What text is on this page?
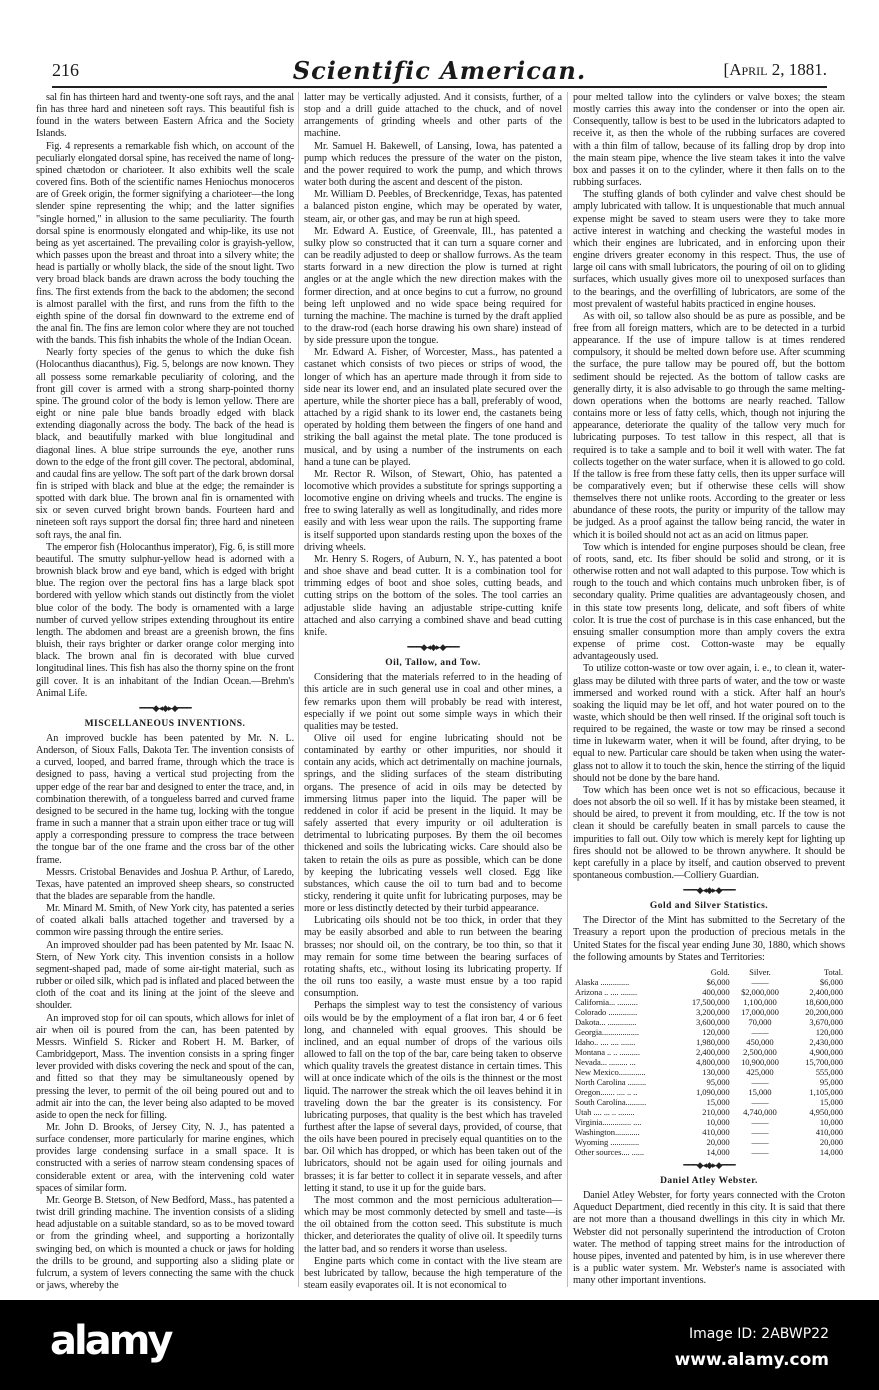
216	Scientific American.	[April 2, 1881.

sal fin has thirteen hard and twenty-one soft rays, and the anal fin has three hard and nineteen soft rays. This beautiful fish is found in the waters between Eastern Africa and the Society Islands.

Fig. 4 represents a remarkable fish which, on account of the peculiarly elongated dorsal spine, has received the name of long-spined chætodon or charioteer. It also exhibits well the scale covered fins. Both of the scientific names Heniochus monoceros are of Greek origin, the former signifying a charioteer—the long slender spine representing the whip; and the latter signifies "single horned," in allusion to the same peculiarity. The fourth dorsal spine is enormously elongated and whip-like, its use not being as yet ascertained. The prevailing color is grayish-yellow, which passes upon the breast and throat into a silvery white; the head is partially or wholly black, the side of the snout light. Two very broad black bands are drawn across the body touching the fins. The first extends from the back to the abdomen; the second is almost parallel with the first, and runs from the fifth to the eighth spine of the dorsal fin downward to the extreme end of the anal fin. The fins are lemon color where they are not touched with the bands. This fish inhabits the whole of the Indian Ocean.

Nearly forty species of the genus to which the duke fish (Holocanthus diacanthus), Fig. 5, belongs are now known. They all possess some remarkable peculiarity of coloring, and the front gill cover is armed with a strong sharp-pointed thorny spine. The ground color of the body is lemon yellow. There are eight or nine pale blue bands broadly edged with black extending diagonally across the body. The back of the head is black, and beautifully marked with blue longitudinal and diagonal lines. A blue stripe surrounds the eye, another runs down to the edge of the front gill cover. The pectoral, abdominal, and caudal fins are yellow. The soft part of the dark brown dorsal fin is striped with black and blue at the edge; the remainder is spotted with dark blue. The brown anal fin is ornamented with six or seven curved bright brown bands. Fourteen hard and nineteen soft rays support the dorsal fin; three hard and nineteen soft rays, the anal fin.

The emperor fish (Holocanthus imperator), Fig. 6, is still more beautiful. The smutty sulphur-yellow head is adorned with a brownish black brow and eye band, which is edged with bright blue. The region over the pectoral fins has a large black spot bordered with yellow which stands out distinctly from the violet blue color of the body. The body is ornamented with a large number of curved yellow stripes extending throughout its entire length. The abdomen and breast are a greenish brown, the fins bluish, their rays brighter or darker orange color merging into black. The brown anal fin is decorated with blue curved longitudinal lines. This fish has also the thorny spine on the front gill cover. It is an inhabitant of the Indian Ocean.—Brehm's Animal Life.

━━━◆◂◆▸◆━━━
MISCELLANEOUS INVENTIONS.

An improved buckle has been patented by Mr. N. L. Anderson, of Sioux Falls, Dakota Ter. The invention consists of a curved, looped, and barred frame, through which the trace is designed to pass, having a vertical stud projecting from the upper edge of the rear bar and designed to enter the trace, and, in combination therewith, of a tongueless barred and curved frame designed to be secured in the hame tug, locking with the tongue frame in such a manner that a strain upon either trace or tug will apply a corresponding pressure to compress the trace between the tongue bar of the one frame and the cross bar of the other frame.

Messrs. Cristobal Benavides and Joshua P. Arthur, of Laredo, Texas, have patented an improved sheep shears, so constructed that the blades are separable from the handle.

Mr. Minard M. Smith, of New York city, has patented a series of coated alkali balls attached together and traversed by a common wire passing through the entire series.

An improved shoulder pad has been patented by Mr. Isaac N. Stern, of New York city. This invention consists in a hollow segment-shaped pad, made of some air-tight material, such as rubber or oiled silk, which pad is inflated and placed between the cloth of the coat and its lining at the joint of the sleeve and shoulder.

An improved stop for oil can spouts, which allows for inlet of air when oil is poured from the can, has been patented by Messrs. Winfield S. Ricker and Robert H. M. Barker, of Cambridgeport, Mass. The invention consists in a spring finger lever provided with disks covering the neck and spout of the can, and fitted so that they may be simultaneously opened by pressing the lever, to permit of the oil being poured out and to admit air into the can, the lever being also adapted to be moved aside to open the neck for filling.

Mr. John D. Brooks, of Jersey City, N. J., has patented a surface condenser, more particularly for marine engines, which provides large condensing surface in a small space. It is constructed with a series of narrow steam condensing spaces of considerable extent or area, with the intervening cold water spaces of similar form.

Mr. George B. Stetson, of New Bedford, Mass., has patented a twist drill grinding machine. The invention consists of a sliding head adjustable on a suitable standard, so as to be moved toward or from the grinding wheel, and supporting a horizontally swinging bed, on which is mounted a chuck or jaws for holding the drills to be ground, and supporting also a sliding plate or fulcrum, a system of levers connecting the same with the chuck or jaws, whereby the

latter may be vertically adjusted. And it consists, further, of a stop and a drill guide attached to the chuck, and of novel arrangements of grinding wheels and other parts of the machine.

Mr. Samuel H. Bakewell, of Lansing, Iowa, has patented a pump which reduces the pressure of the water on the piston, and the power required to work the pump, and which throws water both during the ascent and descent of the piston.

Mr. William D. Peebles, of Breckenridge, Texas, has patented a balanced piston engine, which may be operated by water, steam, air, or other gas, and may be run at high speed.

Mr. Edward A. Eustice, of Greenvale, Ill., has patented a sulky plow so constructed that it can turn a square corner and can be readily adjusted to deep or shallow furrows. As the team starts forward in a new direction the plow is turned at right angles or at the angle which the new direction makes with the former direction, and at once begins to cut a furrow, no ground being left unplowed and no wide space being required for turning the machine. The machine is turned by the draft applied to the draw-rod (each horse drawing his own share) instead of by side pressure upon the tongue.

Mr. Edward A. Fisher, of Worcester, Mass., has patented a castanet which consists of two pieces or strips of wood, the longer of which has an aperture made through it from side to side near its lower end, and an insulated plate secured over the aperture, while the shorter piece has a ball, preferably of wood, attached by a rigid shank to its lower end, the castanets being operated by holding them between the fingers of one hand and striking the ball against the metal plate. The tone produced is musical, and by using a number of the instruments on each hand a tune can be played.

Mr. Rector R. Wilson, of Stewart, Ohio, has patented a locomotive which provides a substitute for springs supporting a locomotive engine on driving wheels and trucks. The engine is free to swing laterally as well as longitudinally, and rides more easily and with less wear upon the rails. The supporting frame is itself supported upon standards resting upon the boxes of the driving wheels.

Mr. Henry S. Rogers, of Auburn, N. Y., has patented a boot and shoe shave and bead cutter. It is a combination tool for trimming edges of boot and shoe soles, cutting beads, and cutting strips on the bottom of the soles. The tool carries an adjustable slide having an adjustable stripe-cutting knife attached and also carrying a combined shave and bead cutting knife.

━━━◆◂◆▸◆━━━
Oil, Tallow, and Tow.

Considering that the materials referred to in the heading of this article are in such general use in coal and other mines, a few remarks upon them will probably be read with interest, especially if we point out some simple ways in which their qualities may be tested.

Olive oil used for engine lubricating should not be contaminated by earthy or other impurities, nor should it contain any acids, which act detrimentally on machine journals, springs, and the sliding surfaces of the steam distributing organs. The presence of acid in oils may be detected by immersing litmus paper into the liquid. The paper will be reddened in color if acid be present in the liquid. It may be safely asserted that every impurity or oil adulteration is detrimental to lubricating purposes. By them the oil becomes thickened and soils the lubricating wicks. Care should also be taken to retain the oils as pure as possible, which can be done by keeping the lubricating vessels well closed. Egg like substances, which cause the oil to turn bad and to become sticky, rendering it quite unfit for lubricating purposes, may be more or less distinctly detected by their turbid appearance.

Lubricating oils should not be too thick, in order that they may be easily absorbed and able to run between the bearing brasses; nor should oil, on the contrary, be too thin, so that it may remain for some time between the bearing surfaces of rotating shafts, etc., without losing its lubricating property. If the oil runs too easily, a waste must ensue by a too rapid consumption.

Perhaps the simplest way to test the consistency of various oils would be by the employment of a flat iron bar, 4 or 6 feet long, and channeled with equal grooves. This should be inclined, and an equal number of drops of the various oils allowed to fall on the top of the bar, care being taken to observe which quality travels the greatest distance in certain times. This will at once indicate which of the oils is the thinnest or the most liquid. The narrower the streak which the oil leaves behind it in traveling down the bar the greater is its consistency. For lubricating purposes, that quality is the best which has traveled furthest after the lapse of several days, provided, of course, that the oils have been poured in precisely equal quantities on to the bar. Oil which has dropped, or which has been taken out of the lubricators, should not be again used for oiling journals and brasses; it is far better to collect it in separate vessels, and after letting it stand, to use it up for the guide bars.

The most common and the most pernicious adulteration—which may be most commonly detected by smell and taste—is the oil obtained from the cotton seed. This substitute is much thicker, and deteriorates the quality of olive oil. It speedily turns the latter bad, and so renders it worse than useless.

Engine parts which come in contact with the live steam are best lubricated by tallow, because the high temperature of the steam easily evaporates oil. It is not economical to

pour melted tallow into the cylinders or valve boxes; the steam mostly carries this away into the condenser or into the open air. Consequently, tallow is best to be used in the lubricators adapted to receive it, as then the whole of the rubbing surfaces are covered with a thin film of tallow, because of its falling drop by drop into the main steam pipe, whence the live steam takes it into the valve box and passes it on to the cylinder, where it then falls on to the rubbing surfaces.

The stuffing glands of both cylinder and valve chest should be amply lubricated with tallow. It is unquestionable that much annual expense might be saved to steam users were they to take more active interest in watching and checking the wasteful modes in which their engines are lubricated, and in enforcing upon their engine drivers greater economy in this respect. Thus, the use of large oil cans with small lubricators, the pouring of oil on to gliding surfaces, which usually gives more oil to unexposed surfaces than to the bearings, and the overfilling of lubricators, are some of the most prevalent of wasteful habits practiced in engine houses.

As with oil, so tallow also should be as pure as possible, and be free from all foreign matters, which are to be detected in a turbid appearance. If the use of impure tallow is at times rendered compulsory, it should be melted down before use. After scumming the surface, the pure tallow may be poured off, but the bottom sediment should be rejected. As the bottom of tallow casks are generally dirty, it is also advisable to go through the same melting-down operations when the bottoms are nearly reached. Tallow contains more or less of fatty cells, which, though not injuring the appearance, deteriorate the quality of the tallow very much for lubricating purposes. To test tallow in this respect, all that is required is to take a sample and to boil it well with water. The fat collects together on the water surface, when it is allowed to go cold. If the tallow is free from these fatty cells, then its upper surface will be comparatively even; but if otherwise these cells will show themselves there not unlike roots. According to the greater or less abundance of these roots, the purity or impurity of the tallow may be judged. As a proof against the tallow being rancid, the water in which it is boiled should not act as an acid on litmus paper.

Tow which is intended for engine purposes should be clean, free of roots, sand, etc. Its fiber should be solid and strong, or it is otherwise rotten and not wall adapted to this purpose. Tow which is rough to the touch and which contains much unbroken fiber, is of secondary quality. Prime qualities are advantageously chosen, and in this state tow presents long, delicate, and soft fibers of white color. It is true the cost of purchase is in this case enhanced, but the ensuing smaller consumption more than amply covers the extra expense of prime cost. Cotton-waste may be equally advantageously used.

To utilize cotton-waste or tow over again, i. e., to clean it, water-glass may be diluted with three parts of water, and the tow or waste immersed and worked round with a stick. After half an hour's soaking the liquid may be let off, and hot water poured on to the waste, which should be then well rinsed. If the original soft touch is required to be regained, the waste or tow may be rinsed a second time in lukewarm water, when it will be found, after drying, to be equal to new. Particular care should be taken when using the water-glass not to allow it to touch the skin, hence the stirring of the liquid should not be done by the bare hand.

Tow which has been once wet is not so efficacious, because it does not absorb the oil so well. If it has by mistake been steamed, it should be aired, to prevent it from moulding, etc. If the tow is not clean it should be carefully beaten in small parcels to cause the impurities to fall out. Oily tow which is merely kept for lighting up fires should not be allowed to be thrown anywhere. It should be kept carefully in a place by itself, and caution observed to prevent spontaneous combustion.—Colliery Guardian.

━━━◆◂◆▸◆━━━
Gold and Silver Statistics.

The Director of the Mint has submitted to the Secretary of the Treasury a report upon the production of precious metals in the United States for the fiscal year ending June 30, 1880, which shows the following amounts by States and Territories:

	Gold.	Silver.	Total.
Alaska ..............	$6,000	——	$6,000
Arizona .. .... ........	400,000	$2,000,000	2,400,000
California... ..........	17,500,000	1,100,000	18,600,000
Colorado ..............	3,200,000	17,000,000	20,200,000
Dakota... ..............	3,600,000	70,000	3,670,000
Georgia..................	120,000	——	120,000
Idaho.. .... .... .......	1,980,000	450,000	2,430,000
Montana .. .. ..........	2,400,000	2,500,000	4,900,000
Nevada... ......... ...	4,800,000	10,900,000	15,700,000
New Mexico.............	130,000	425,000	555,000
North Carolina .........	95,000	——	95,000
Oregon....... .... .. ..	1,090,000	15,000	1,105,000
South Carolina..........	15,000	——	15,000
Utah .... ... .. ........	210,000	4,740,000	4,950,000
Virginia.............. ....	10,000	——	10,000
Washington............	410,000	——	410,000
Wyoming ..............	20,000	——	20,000
Other sources.... ......	14,000	——	14,000
━━━◆◂◆▸◆━━━
Daniel Atley Webster.

Daniel Atley Webster, for forty years connected with the Croton Aqueduct Department, died recently in this city. It is said that there are not more than a thousand dwellings in this city in which Mr. Webster did not personally superintend the introduction of Croton water. The method of tapping street mains for the introduction of house pipes, invented and patented by him, is in use wherever there is a public water system. Mr. Webster's name is associated with many other important inventions.

alamy	Image ID: 2ABWP22
www.alamy.com
